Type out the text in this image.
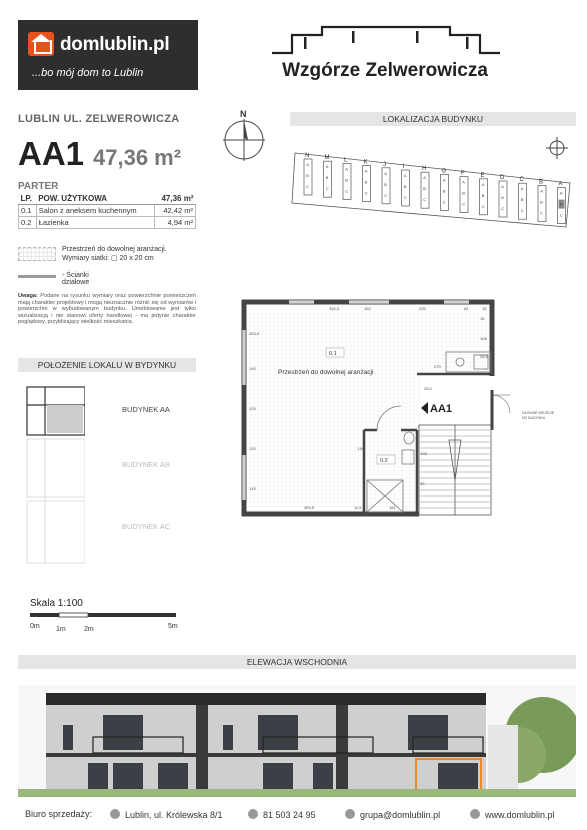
domlublin.pl
...bo mój dom to Lublin	Wzgórze Zelwerowicza
LUBLIN UL. ZELWEROWICZA	N
AA1 47,36 m²
PARTER
LP.	POW. UŻYTKOWA	47,36 m²
0.1	Salon z aneksem kuchennym	42,42 m²
0.2	Łazienka	4,94 m²
Przestrzeń do dowolnej aranżacji.
Wymiary siatki: ▢ 20 x 20 cm
- Ścianki działowe
Uwaga: Podane na rysunku wymiary oraz powierzchnie pomieszczeń mają charakter projektowy i mogą nieznacznie różnić się od wymiarów i powierzchni w wybudowanym budynku. Umeblowanie jest tylko wizualizacją i nie stanowi oferty handlowej - ma jedynie charakter poglądowy, przybliżający wielkość mieszkania.
LOKALIZACJA BUDYNKU
POŁOŻENIE LOKALU W BYDYNKU
ELEWACJA WSCHODNIA
N
A
B
C
M
A
B
C
L
A
B
C
K
A
B
C
J
A
B
C
I
A
B
C
H
A
B
C
G
A
B
C
F
A
B
C
E
A
B
C
D
A
B
C
C
A
B
C
B
A
B
C
A
A
B
C
BUDYNEK AA
BUDYNEK AB
BUDYNEK AC
Skala 1:100
0m 1m	2m	5m
AA1
0.1
Przestrzeń do dowolnej aranżacji
0.2
GŁÓWNE WEJŚCIE
DO BUDYNKU
330,5	160	205	84	15
270
359,5	11,5	181
263,5
190
125
120
145
108
15
28,5
136
28,5
108
99
Biuro sprzedaży:	Lublin, ul. Królewska 8/1	81 503 24 95	grupa@domlublin.pl	www.domlublin.pl
